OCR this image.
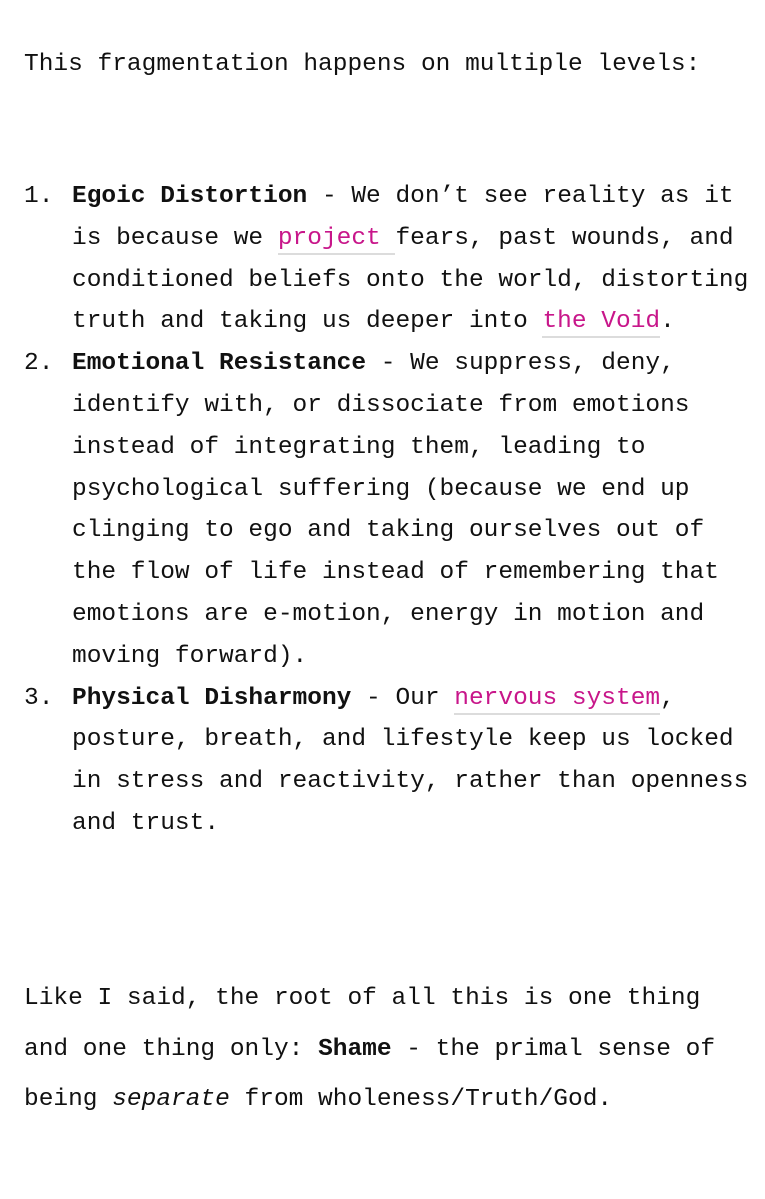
This fragmentation happens on multiple levels:

1. Egoic Distortion - We don’t see reality as it is because we project fears, past wounds, and conditioned beliefs onto the world, distorting truth and taking us deeper into the Void.
2. Emotional Resistance - We suppress, deny, identify with, or dissociate from emotions instead of integrating them, leading to psychological suffering (because we end up clinging to ego and taking ourselves out of the flow of life instead of remembering that emotions are e-motion, energy in motion and moving forward).
3. Physical Disharmony - Our nervous system, posture, breath, and lifestyle keep us locked in stress and reactivity, rather than openness and trust.

Like I said, the root of all this is one thing and one thing only: Shame - the primal sense of being separate from wholeness/Truth/God.
